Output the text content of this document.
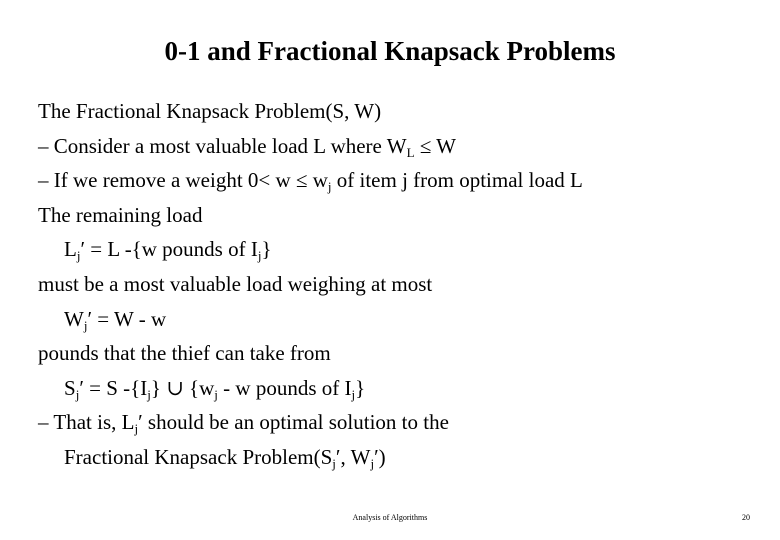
0-1 and Fractional Knapsack Problems
The Fractional Knapsack Problem(S, W)
– Consider a most valuable load L where $W_L \le W$
– If we remove a weight $0< w \le w_j$ of item j from optimal load L
The remaining load
$L_j' = L$ -{w pounds of $I_j$}
must be a most valuable load weighing at most
$W_j' = W - w$
pounds that the thief can take from
$S_j' = S$ $-\{I_j\}$ ∪ {$w_j$ - w pounds of $I_j$}
– That is, $L_j'$ should be an optimal solution to the
Fractional Knapsack $Problem(S_j'$, $W_j'$)
Analysis of Algorithms	20
